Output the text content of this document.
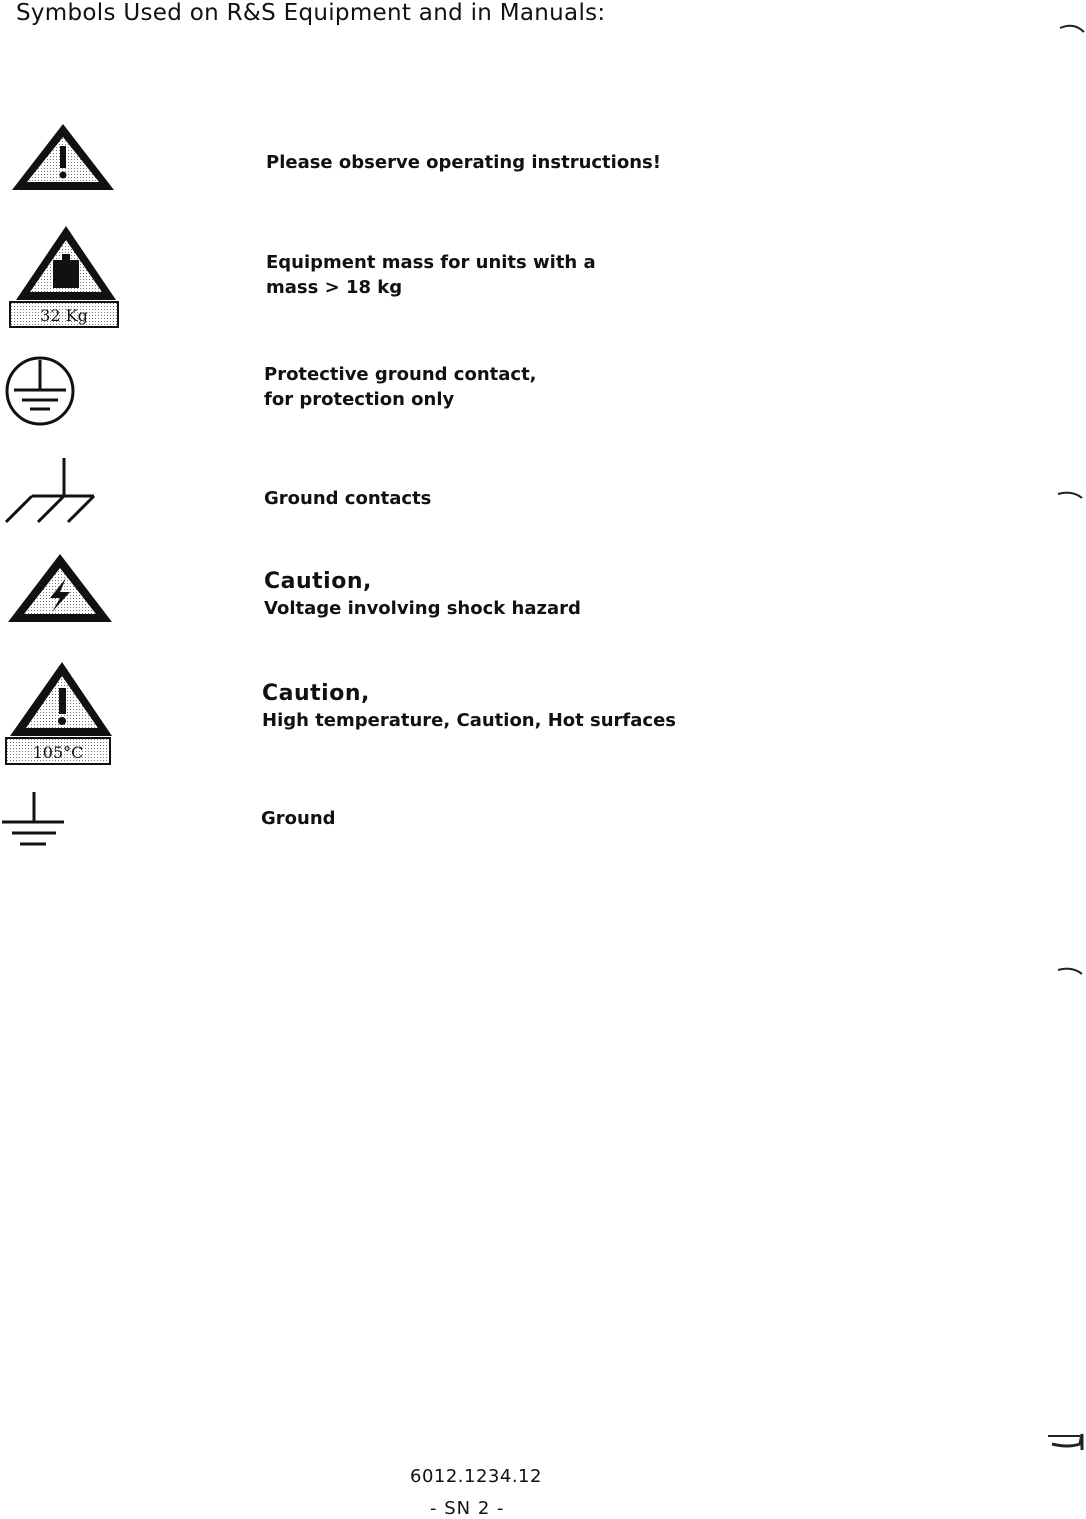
Symbols Used on R&S Equipment and in Manuals:
Please observe operating instructions!
32 Kg
Equipment mass for units with a
mass > 18 kg
Protective ground contact,
for protection only
Ground contacts
Caution,
Voltage involving shock hazard
105°C
Caution,
High temperature, Caution, Hot surfaces
Ground
6012.1234.12
- SN 2 -
